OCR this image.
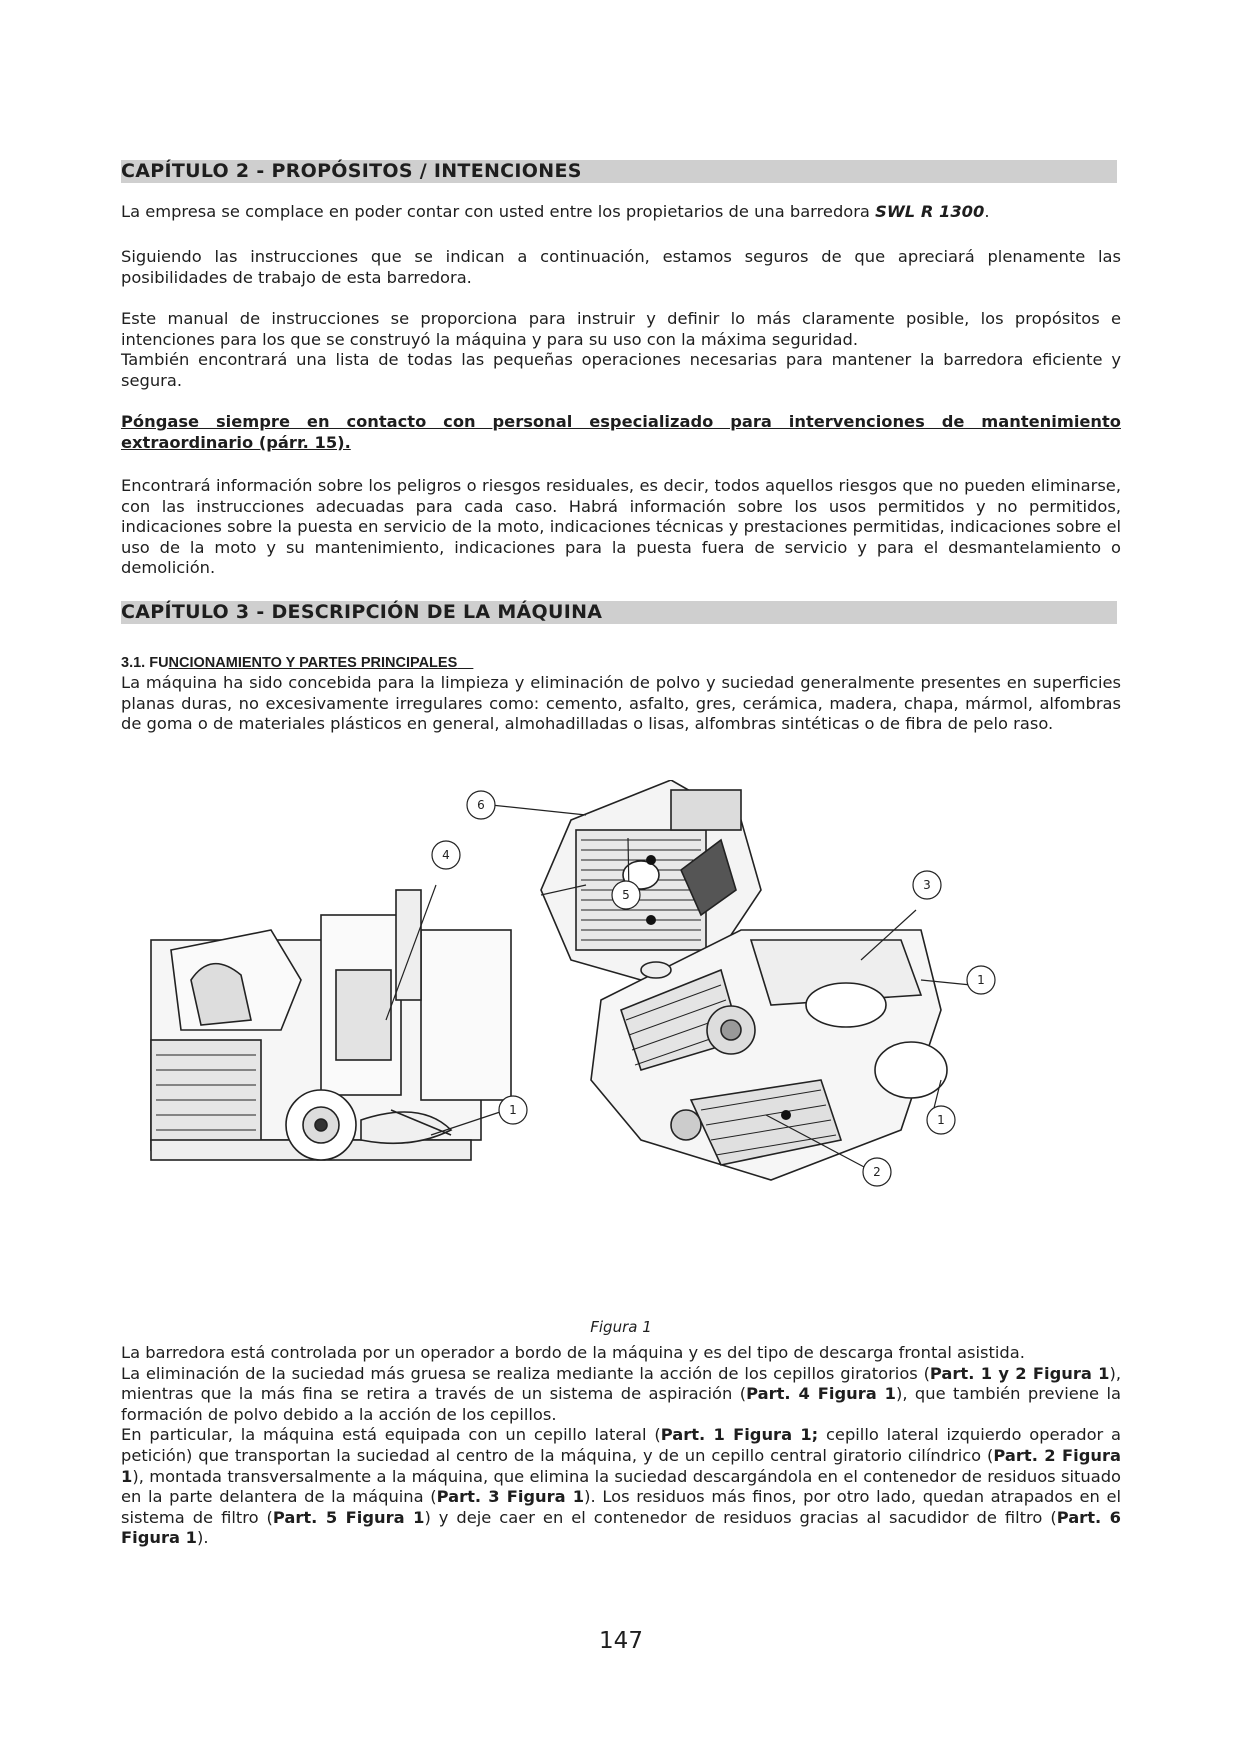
CAPÍTULO 2 - PROPÓSITOS / INTENCIONES

La empresa se complace en poder contar con usted entre los propietarios de una barredora SWL R 1300.

Siguiendo las instrucciones que se indican a continuación, estamos seguros de que apreciará plenamente las posibilidades de trabajo de esta barredora.

Este manual de instrucciones se proporciona para instruir y definir lo más claramente posible, los propósitos e intenciones para los que se construyó la máquina y para su uso con la máxima seguridad.

También encontrará una lista de todas las pequeñas operaciones necesarias para mantener la barredora eficiente y segura.

Póngase siempre en contacto con personal especializado para intervenciones de mantenimiento extraordinario (párr. 15).

Encontrará información sobre los peligros o riesgos residuales, es decir, todos aquellos riesgos que no pueden eliminarse, con las instrucciones adecuadas para cada caso. Habrá información sobre los usos permitidos y no permitidos, indicaciones sobre la puesta en servicio de la moto, indicaciones técnicas y prestaciones permitidas, indicaciones sobre el uso de la moto y su mantenimiento, indicaciones para la puesta fuera de servicio y para el desmantelamiento o demolición.

CAPÍTULO 3 - DESCRIPCIÓN DE LA MÁQUINA
3.1. FUNCIONAMIENTO Y PARTES PRINCIPALES

La máquina ha sido concebida para la limpieza y eliminación de polvo y suciedad generalmente presentes en superficies planas duras, no excesivamente irregulares como: cemento, asfalto, gres, cerámica, madera, chapa, mármol, alfombras de goma o de materiales plásticos en general, almohadilladas o lisas, alfombras sintéticas o de fibra de pelo raso.

6
4
5
3
1
1
1
2
Figura 1

La barredora está controlada por un operador a bordo de la máquina y es del tipo de descarga frontal asistida.
La eliminación de la suciedad más gruesa se realiza mediante la acción de los cepillos giratorios (Part. 1 y 2 Figura 1), mientras que la más fina se retira a través de un sistema de aspiración (Part. 4 Figura 1), que también previene la formación de polvo debido a la acción de los cepillos.
En particular, la máquina está equipada con un cepillo lateral (Part. 1 Figura 1; cepillo lateral izquierdo operador a petición) que transportan la suciedad al centro de la máquina, y de un cepillo central giratorio cilíndrico (Part. 2 Figura 1), montada transversalmente a la máquina, que elimina la suciedad descargándola en el contenedor de residuos situado en la parte delantera de la máquina (Part. 3 Figura 1). Los residuos más finos, por otro lado, quedan atrapados en el sistema de filtro (Part. 5 Figura 1) y deje caer en el contenedor de residuos gracias al sacudidor de filtro (Part. 6 Figura 1).

147
